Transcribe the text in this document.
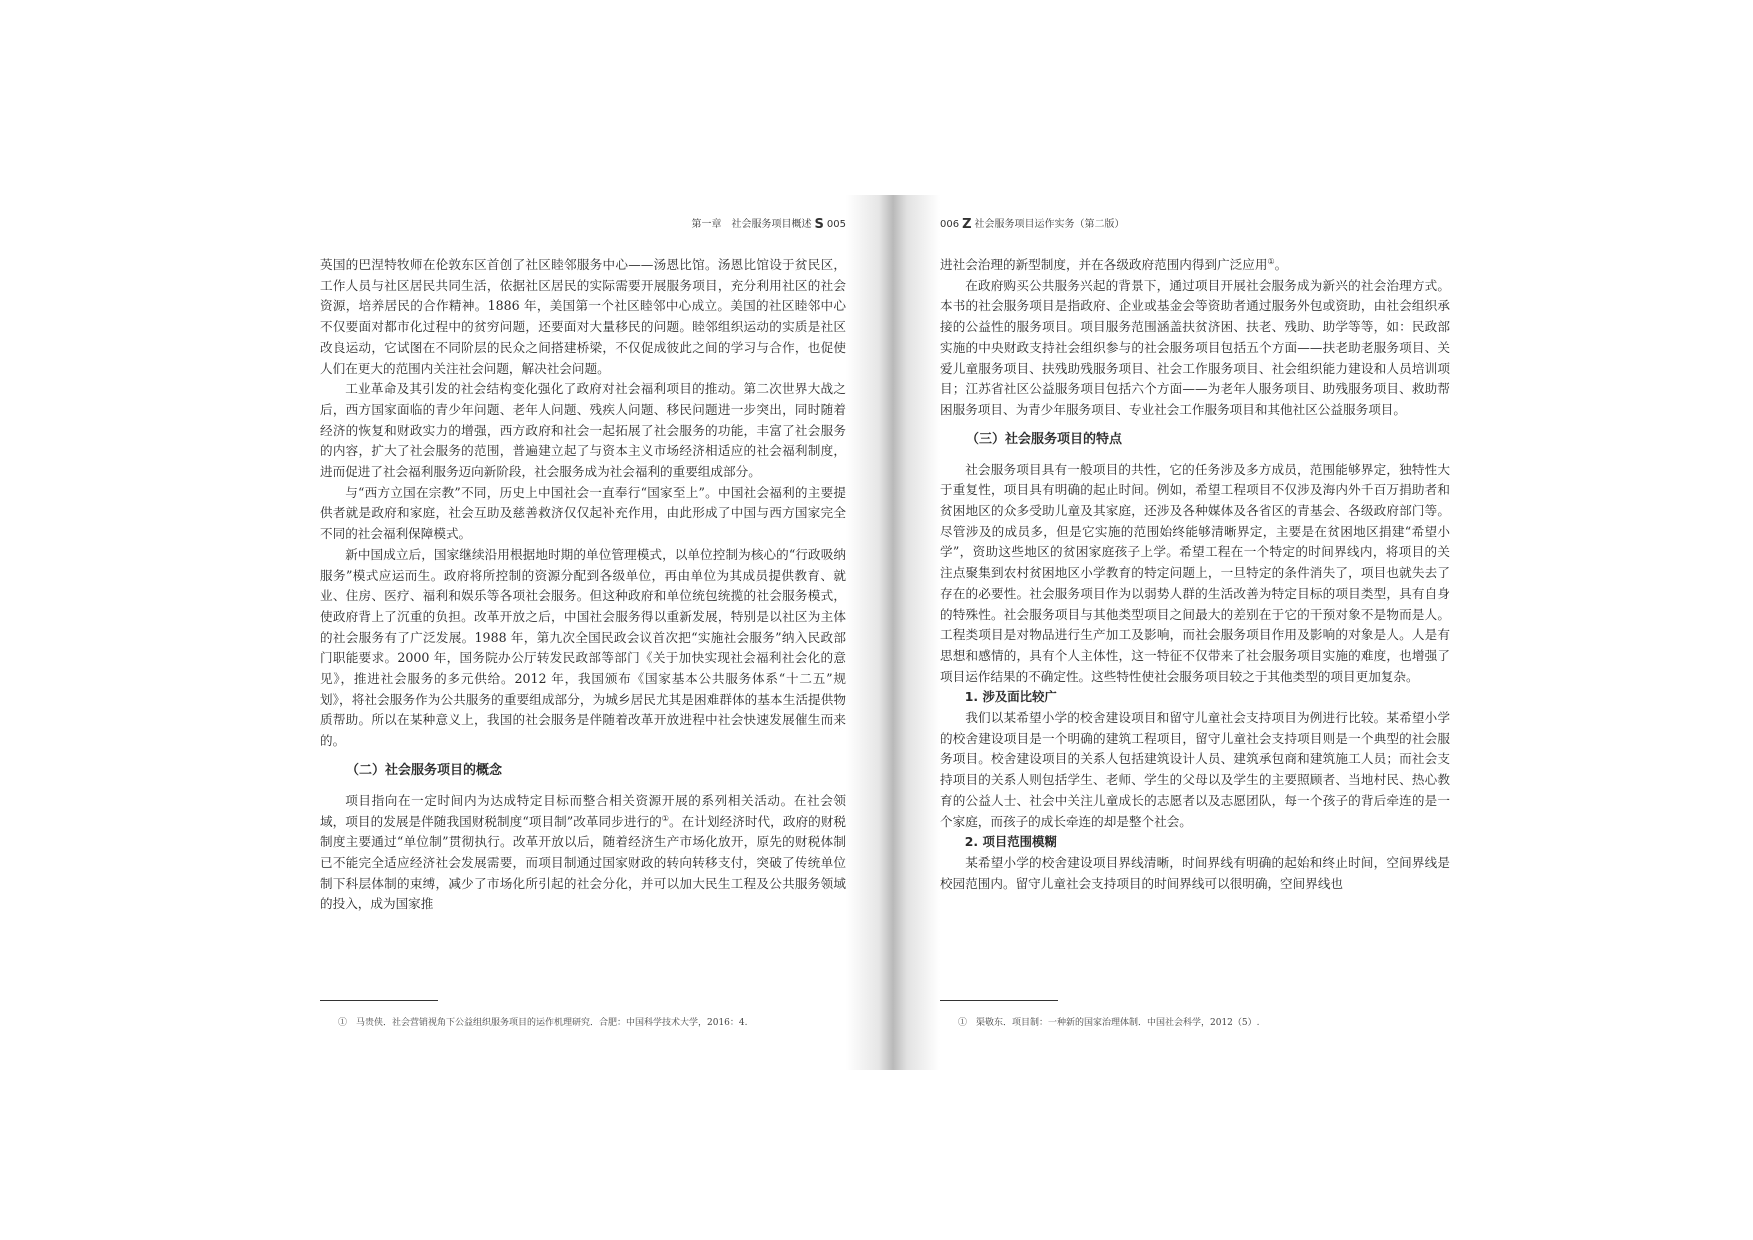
第一章　社会服务项目概述 S 005

英国的巴涅特牧师在伦敦东区首创了社区睦邻服务中心——汤恩比馆。汤恩比馆设于贫民区，工作人员与社区居民共同生活，依据社区居民的实际需要开展服务项目，充分利用社区的社会资源，培养居民的合作精神。1886 年，美国第一个社区睦邻中心成立。美国的社区睦邻中心不仅要面对都市化过程中的贫穷问题，还要面对大量移民的问题。睦邻组织运动的实质是社区改良运动，它试图在不同阶层的民众之间搭建桥梁，不仅促成彼此之间的学习与合作，也促使人们在更大的范围内关注社会问题，解决社会问题。

工业革命及其引发的社会结构变化强化了政府对社会福利项目的推动。第二次世界大战之后，西方国家面临的青少年问题、老年人问题、残疾人问题、移民问题进一步突出，同时随着经济的恢复和财政实力的增强，西方政府和社会一起拓展了社会服务的功能，丰富了社会服务的内容，扩大了社会服务的范围，普遍建立起了与资本主义市场经济相适应的社会福利制度，进而促进了社会福利服务迈向新阶段，社会服务成为社会福利的重要组成部分。

与“西方立国在宗教”不同，历史上中国社会一直奉行“国家至上”。中国社会福利的主要提供者就是政府和家庭，社会互助及慈善救济仅仅起补充作用，由此形成了中国与西方国家完全不同的社会福利保障模式。

新中国成立后，国家继续沿用根据地时期的单位管理模式，以单位控制为核心的“行政吸纳服务”模式应运而生。政府将所控制的资源分配到各级单位，再由单位为其成员提供教育、就业、住房、医疗、福利和娱乐等各项社会服务。但这种政府和单位统包统揽的社会服务模式，使政府背上了沉重的负担。改革开放之后，中国社会服务得以重新发展，特别是以社区为主体的社会服务有了广泛发展。1988 年，第九次全国民政会议首次把“实施社会服务”纳入民政部门职能要求。2000 年，国务院办公厅转发民政部等部门《关于加快实现社会福利社会化的意见》，推进社会服务的多元供给。2012 年，我国颁布《国家基本公共服务体系“十二五”规划》，将社会服务作为公共服务的重要组成部分，为城乡居民尤其是困难群体的基本生活提供物质帮助。所以在某种意义上，我国的社会服务是伴随着改革开放进程中社会快速发展催生而来的。

（二）社会服务项目的概念

项目指向在一定时间内为达成特定目标而整合相关资源开展的系列相关活动。在社会领域，项目的发展是伴随我国财税制度“项目制”改革同步进行的①。在计划经济时代，政府的财税制度主要通过“单位制”贯彻执行。改革开放以后，随着经济生产市场化放开，原先的财税体制已不能完全适应经济社会发展需要，而项目制通过国家财政的转向转移支付，突破了传统单位制下科层体制的束缚，减少了市场化所引起的社会分化，并可以加大民生工程及公共服务领域的投入，成为国家推

①　马贵侠．社会营销视角下公益组织服务项目的运作机理研究．合肥：中国科学技术大学，2016：4.
006 Z 社会服务项目运作实务（第二版）

进社会治理的新型制度，并在各级政府范围内得到广泛应用①。

在政府购买公共服务兴起的背景下，通过项目开展社会服务成为新兴的社会治理方式。本书的社会服务项目是指政府、企业或基金会等资助者通过服务外包或资助，由社会组织承接的公益性的服务项目。项目服务范围涵盖扶贫济困、扶老、残助、助学等等，如：民政部实施的中央财政支持社会组织参与的社会服务项目包括五个方面——扶老助老服务项目、关爱儿童服务项目、扶残助残服务项目、社会工作服务项目、社会组织能力建设和人员培训项目；江苏省社区公益服务项目包括六个方面——为老年人服务项目、助残服务项目、救助帮困服务项目、为青少年服务项目、专业社会工作服务项目和其他社区公益服务项目。

（三）社会服务项目的特点

社会服务项目具有一般项目的共性，它的任务涉及多方成员，范围能够界定，独特性大于重复性，项目具有明确的起止时间。例如，希望工程项目不仅涉及海内外千百万捐助者和贫困地区的众多受助儿童及其家庭，还涉及各种媒体及各省区的青基会、各级政府部门等。尽管涉及的成员多，但是它实施的范围始终能够清晰界定，主要是在贫困地区捐建“希望小学”，资助这些地区的贫困家庭孩子上学。希望工程在一个特定的时间界线内，将项目的关注点聚集到农村贫困地区小学教育的特定问题上，一旦特定的条件消失了，项目也就失去了存在的必要性。社会服务项目作为以弱势人群的生活改善为特定目标的项目类型，具有自身的特殊性。社会服务项目与其他类型项目之间最大的差别在于它的干预对象不是物而是人。工程类项目是对物品进行生产加工及影响，而社会服务项目作用及影响的对象是人。人是有思想和感情的，具有个人主体性，这一特征不仅带来了社会服务项目实施的难度，也增强了项目运作结果的不确定性。这些特性使社会服务项目较之于其他类型的项目更加复杂。

1. 涉及面比较广

我们以某希望小学的校舍建设项目和留守儿童社会支持项目为例进行比较。某希望小学的校舍建设项目是一个明确的建筑工程项目，留守儿童社会支持项目则是一个典型的社会服务项目。校舍建设项目的关系人包括建筑设计人员、建筑承包商和建筑施工人员；而社会支持项目的关系人则包括学生、老师、学生的父母以及学生的主要照顾者、当地村民、热心教育的公益人士、社会中关注儿童成长的志愿者以及志愿团队，每一个孩子的背后牵连的是一个家庭，而孩子的成长牵连的却是整个社会。

2. 项目范围模糊

某希望小学的校舍建设项目界线清晰，时间界线有明确的起始和终止时间，空间界线是校园范围内。留守儿童社会支持项目的时间界线可以很明确，空间界线也

①　渠敬东．项目制：一种新的国家治理体制．中国社会科学，2012（5）.
